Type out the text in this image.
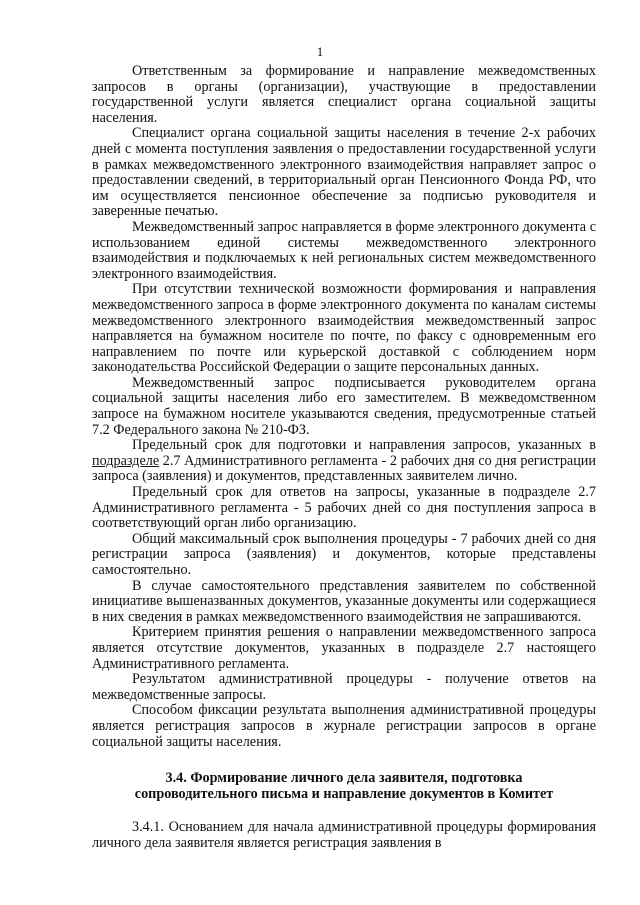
1

Ответственным за формирование и направление межведомственных запросов в органы (организации), участвующие в предоставлении государственной услуги является специалист органа социальной защиты населения.

Специалист органа социальной защиты населения в течение 2-х рабочих дней с момента поступления заявления о предоставлении государственной услуги в рамках межведомственного электронного взаимодействия направляет запрос о предоставлении сведений, в территориальный орган Пенсионного Фонда РФ, что им осуществляется пенсионное обеспечение за подписью руководителя и заверенные печатью.

Межведомственный запрос направляется в форме электронного документа с использованием единой системы межведомственного электронного взаимодействия и подключаемых к ней региональных систем межведомственного электронного взаимодействия.

При отсутствии технической возможности формирования и направления межведомственного запроса в форме электронного документа по каналам системы межведомственного электронного взаимодействия межведомственный запрос направляется на бумажном носителе по почте, по факсу с одновременным его направлением по почте или курьерской доставкой с соблюдением норм законодательства Российской Федерации о защите персональных данных.

Межведомственный запрос подписывается руководителем органа социальной защиты населения либо его заместителем. В межведомственном запросе на бумажном носителе указываются сведения, предусмотренные статьей 7.2 Федерального закона № 210-ФЗ.

Предельный срок для подготовки и направления запросов, указанных в подразделе 2.7 Административного регламента - 2 рабочих дня со дня регистрации запроса (заявления) и документов, представленных заявителем лично.

Предельный срок для ответов на запросы, указанные в подразделе 2.7 Административного регламента - 5 рабочих дней со дня поступления запроса в соответствующий орган либо организацию.

Общий максимальный срок выполнения процедуры - 7 рабочих дней со дня регистрации запроса (заявления) и документов, которые представлены самостоятельно.

В случае самостоятельного представления заявителем по собственной инициативе вышеназванных документов, указанные документы или содержащиеся в них сведения в рамках межведомственного взаимодействия не запрашиваются.

Критерием принятия решения о направлении межведомственного запроса является отсутствие документов, указанных в подразделе 2.7 настоящего Административного регламента.

Результатом административной процедуры - получение ответов на межведомственные запросы.

Способом фиксации результата выполнения административной процедуры является регистрация запросов в журнале регистрации запросов в органе социальной защиты населения.

3.4. Формирование личного дела заявителя, подготовка сопроводительного письма и направление документов в Комитет

3.4.1. Основанием для начала административной процедуры формирования личного дела заявителя является регистрация заявления в
